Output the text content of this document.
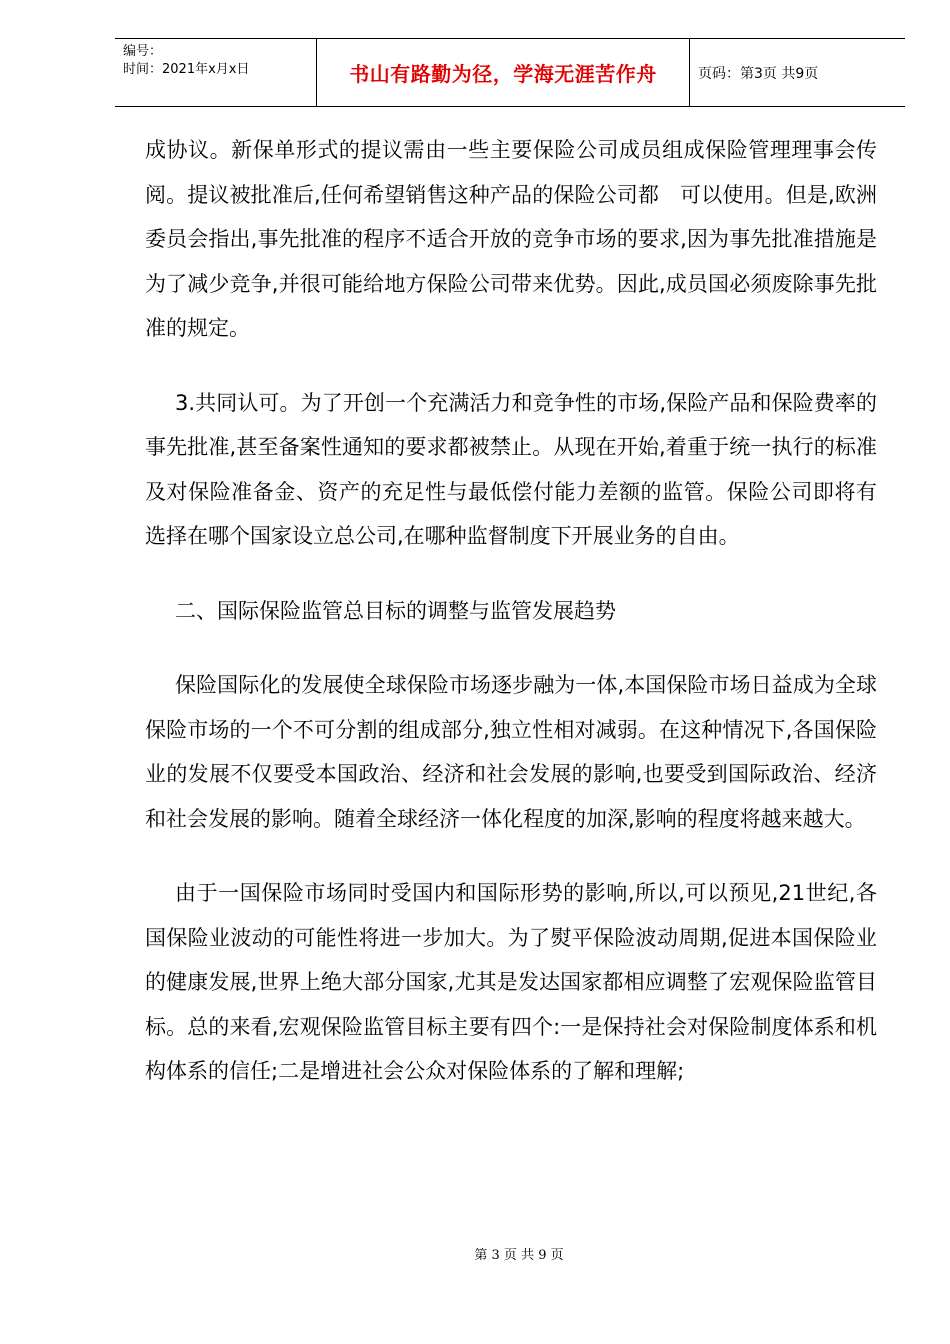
编号：
时间：2021年x月x日	书山有路勤为径，学海无涯苦作舟	页码：第3页 共9页

成协议。新保单形式的提议需由一些主要保险公司成员组成保险管理理事会传阅。提议被批准后,任何希望销售这种产品的保险公司都　可以使用。但是,欧洲委员会指出,事先批准的程序不适合开放的竞争市场的要求,因为事先批准措施是为了减少竞争,并很可能给地方保险公司带来优势。因此,成员国必须废除事先批准的规定。

3.共同认可。为了开创一个充满活力和竞争性的市场,保险产品和保险费率的事先批准,甚至备案性通知的要求都被禁止。从现在开始,着重于统一执行的标准及对保险准备金、资产的充足性与最低偿付能力差额的监管。保险公司即将有选择在哪个国家设立总公司,在哪种监督制度下开展业务的自由。

二、国际保险监管总目标的调整与监管发展趋势

保险国际化的发展使全球保险市场逐步融为一体,本国保险市场日益成为全球保险市场的一个不可分割的组成部分,独立性相对减弱。在这种情况下,各国保险业的发展不仅要受本国政治、经济和社会发展的影响,也要受到国际政治、经济和社会发展的影响。随着全球经济一体化程度的加深,影响的程度将越来越大。

由于一国保险市场同时受国内和国际形势的影响,所以,可以预见,21世纪,各国保险业波动的可能性将进一步加大。为了熨平保险波动周期,促进本国保险业的健康发展,世界上绝大部分国家,尤其是发达国家都相应调整了宏观保险监管目标。总的来看,宏观保险监管目标主要有四个:一是保持社会对保险制度体系和机构体系的信任;二是增进社会公众对保险体系的了解和理解;

第 3 页 共 9 页
